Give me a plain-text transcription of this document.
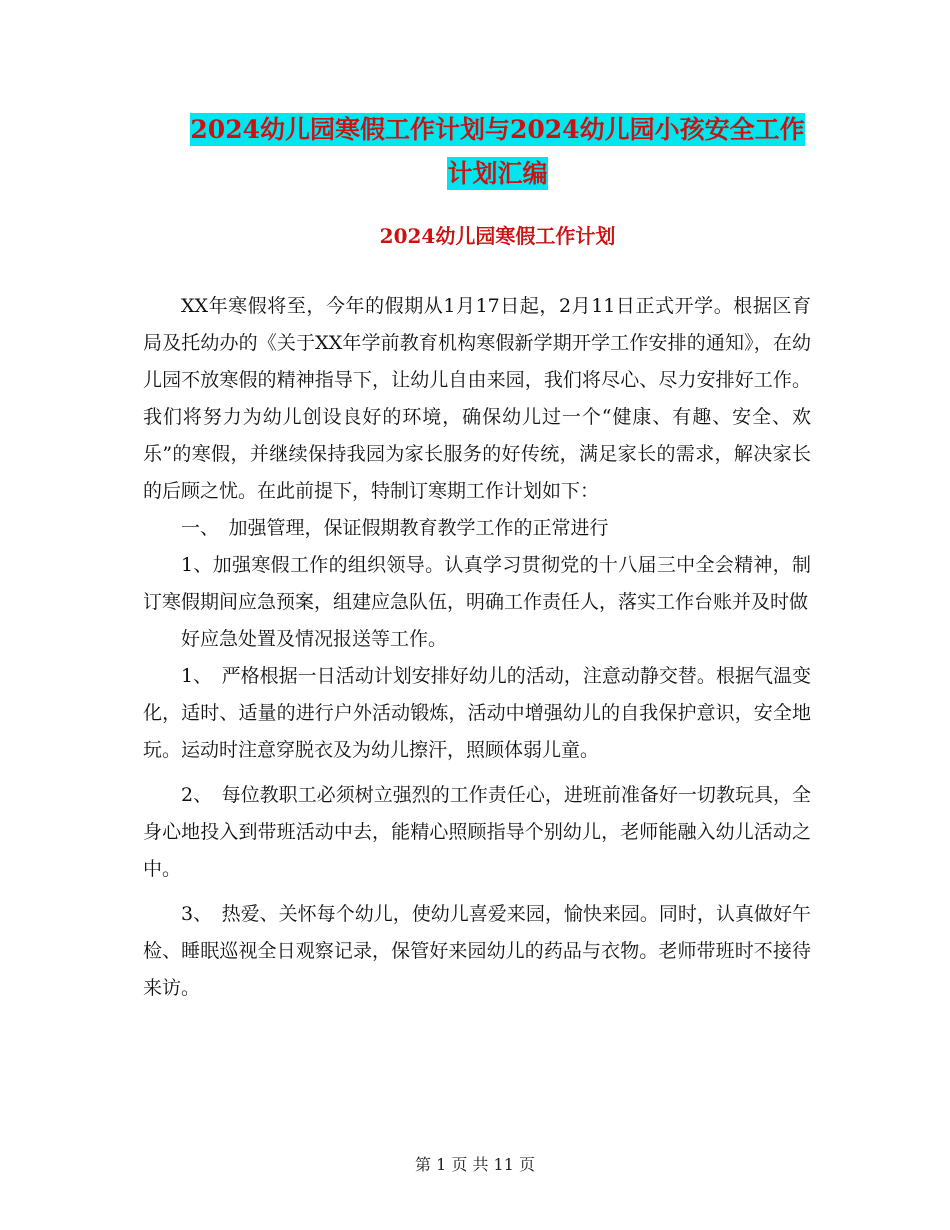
2024幼儿园寒假工作计划与2024幼儿园小孩安全工作
计划汇编
2024幼儿园寒假工作计划

XX年寒假将至，今年的假期从1月17日起，2月11日正式开学。根据区育局及托幼办的《关于XX年学前教育机构寒假新学期开学工作安排的通知》，在幼儿园不放寒假的精神指导下，让幼儿自由来园，我们将尽心、尽力安排好工作。我们将努力为幼儿创设良好的环境，确保幼儿过一个“健康、有趣、安全、欢乐”的寒假，并继续保持我园为家长服务的好传统，满足家长的需求，解决家长的后顾之忧。在此前提下，特制订寒期工作计划如下：

一、　加强管理，保证假期教育教学工作的正常进行

1、加强寒假工作的组织领导。认真学习贯彻党的十八届三中全会精神，制订寒假期间应急预案，组建应急队伍，明确工作责任人，落实工作台账并及时做

好应急处置及情况报送等工作。

1、　严格根据一日活动计划安排好幼儿的活动，注意动静交替。根据气温变化，适时、适量的进行户外活动锻炼，活动中增强幼儿的自我保护意识，安全地玩。运动时注意穿脱衣及为幼儿擦汗，照顾体弱儿童。

2、　每位教职工必须树立强烈的工作责任心，进班前准备好一切教玩具，全身心地投入到带班活动中去，能精心照顾指导个别幼儿，老师能融入幼儿活动之中。

3、　热爱、关怀每个幼儿，使幼儿喜爱来园，愉快来园。同时，认真做好午检、睡眠巡视全日观察记录，保管好来园幼儿的药品与衣物。老师带班时不接待来访。

第 1 页 共 11 页
